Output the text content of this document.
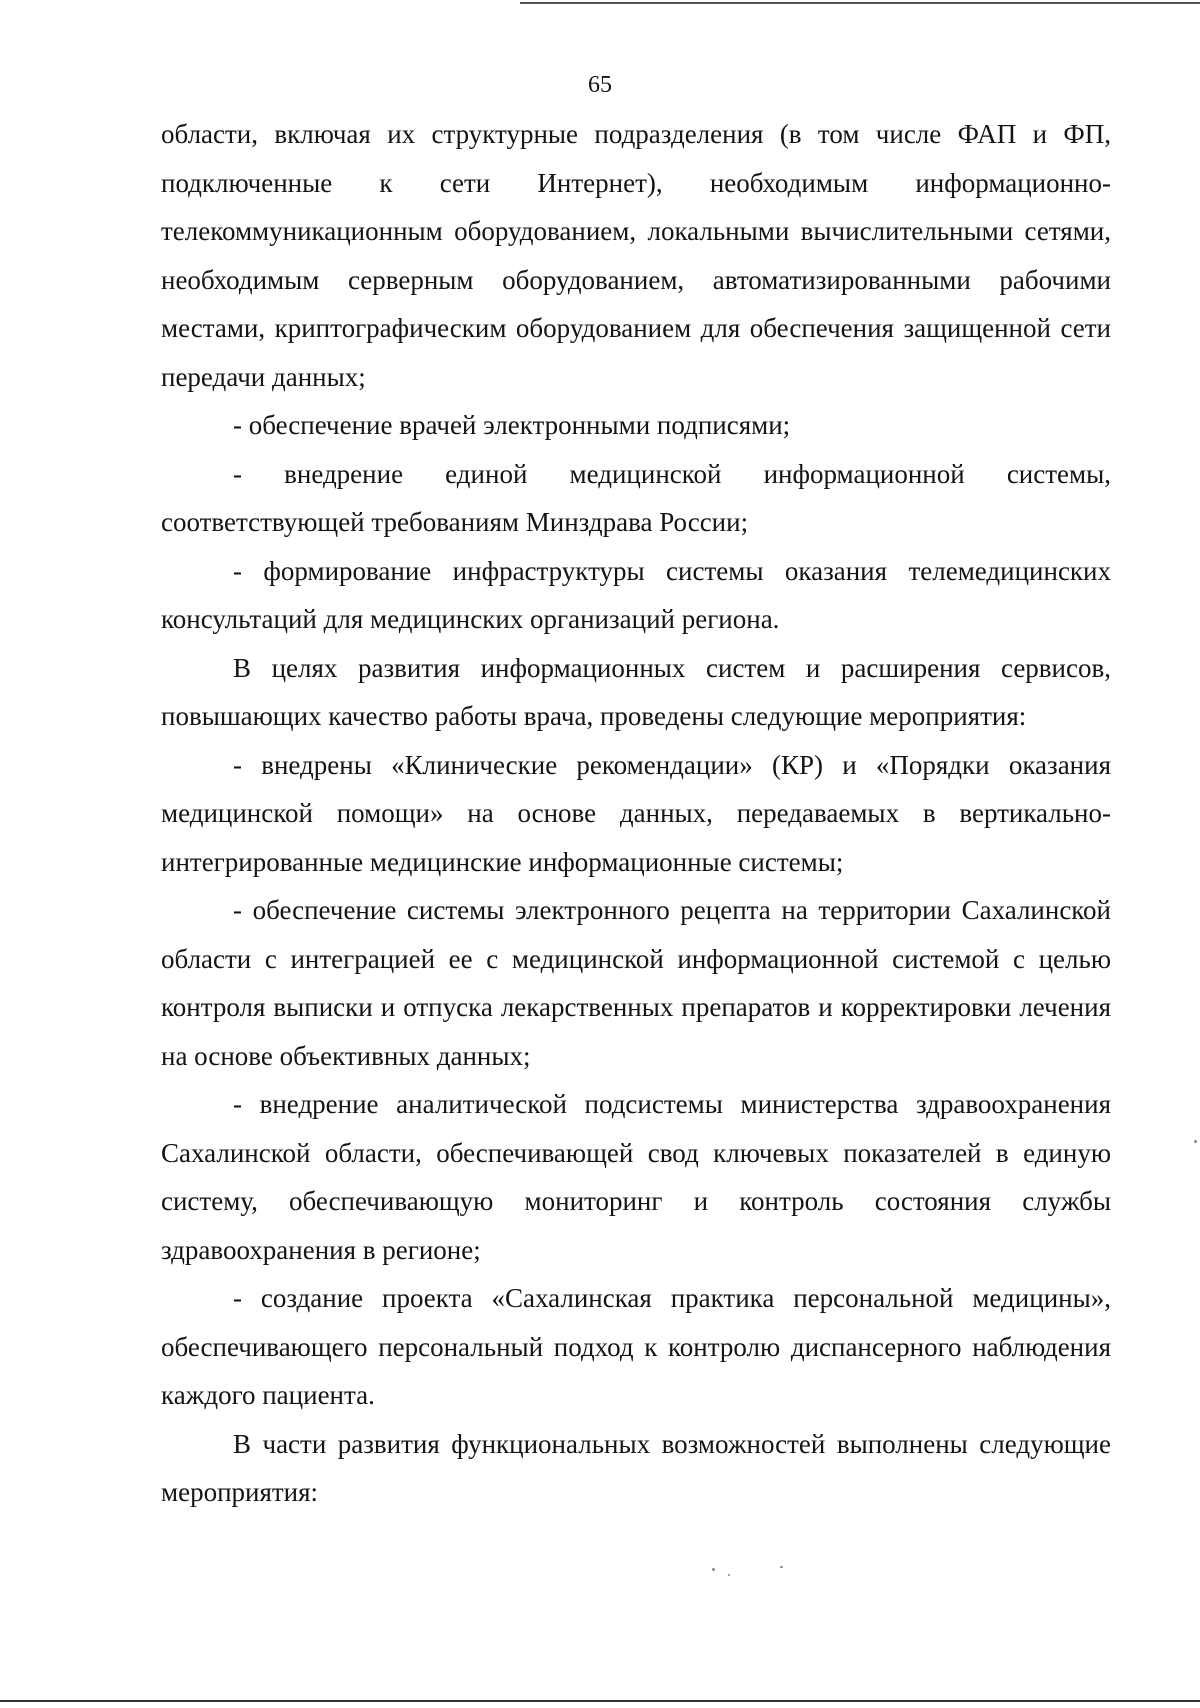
65

области, включая их структурные подразделения (в том числе ФАП и ФП, подключенные к сети Интернет), необходимым информационно-телекоммуникационным оборудованием, локальными вычислительными сетями, необходимым серверным оборудованием, автоматизированными рабочими местами, криптографическим оборудованием для обеспечения защищенной сети передачи данных;

- обеспечение врачей электронными подписями;

- внедрение единой медицинской информационной системы, соответствующей требованиям Минздрава России;

- формирование инфраструктуры системы оказания телемедицинских консультаций для медицинских организаций региона.

В целях развития информационных систем и расширения сервисов, повышающих качество работы врача, проведены следующие мероприятия:

- внедрены «Клинические рекомендации» (КР) и «Порядки оказания медицинской помощи» на основе данных, передаваемых в вертикально-интегрированные медицинские информационные системы;

- обеспечение системы электронного рецепта на территории Сахалинской области с интеграцией ее с медицинской информационной системой с целью контроля выписки и отпуска лекарственных препаратов и корректировки лечения на основе объективных данных;

- внедрение аналитической подсистемы министерства здравоохранения Сахалинской области, обеспечивающей свод ключевых показателей в единую систему, обеспечивающую мониторинг и контроль состояния службы здравоохранения в регионе;

- создание проекта «Сахалинская практика персональной медицины», обеспечивающего персональный подход к контролю диспансерного наблюдения каждого пациента.

В части развития функциональных возможностей выполнены следующие мероприятия:
